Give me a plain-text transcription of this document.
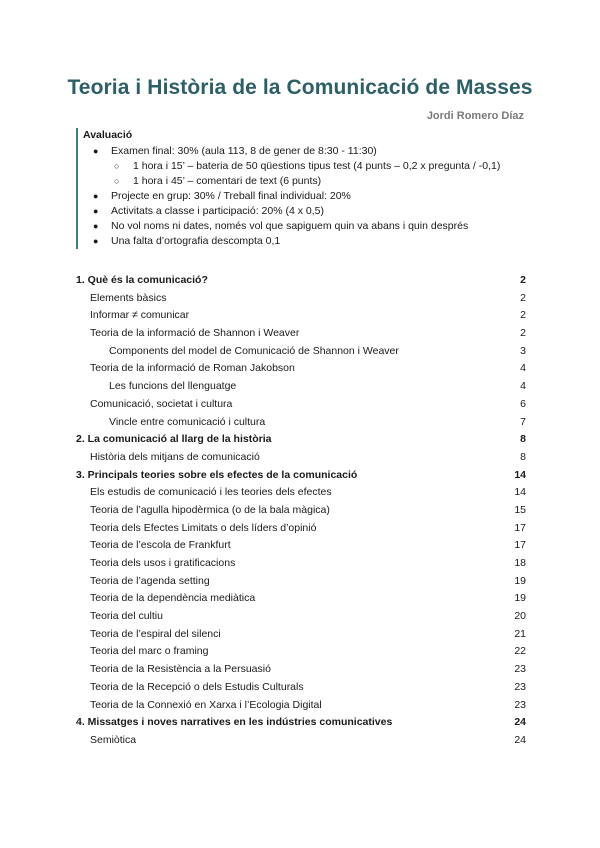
Teoria i Història de la Comunicació de Masses
Jordi Romero Díaz
Avaluació
● Examen final: 30% (aula 113, 8 de gener de 8:30 - 11:30)
○ 1 hora i 15’ – bateria de 50 qüestions tipus test (4 punts – 0,2 x pregunta / -0,1)
○ 1 hora i 45’ – comentari de text (6 punts)
● Projecte en grup: 30% / Treball final individual: 20%
● Activitats a classe i participació: 20% (4 x 0,5)
● No vol noms ni dates, només vol que sapiguem quin va abans i quin després
● Una falta d’ortografia descompta 0,1
1. Què és la comunicació?	2
Elements bàsics	2
Informar ≠ comunicar	2
Teoria de la informació de Shannon i Weaver	2
Components del model de Comunicació de Shannon i Weaver	3
Teoria de la informació de Roman Jakobson	4
Les funcions del llenguatge	4
Comunicació, societat i cultura	6
Vincle entre comunicació i cultura	7
2. La comunicació al llarg de la història	8
Història dels mitjans de comunicació	8
3. Principals teories sobre els efectes de la comunicació	14
Els estudis de comunicació i les teories dels efectes	14
Teoria de l’agulla hipodèrmica (o de la bala màgica)	15
Teoria dels Efectes Limitats o dels líders d’opinió	17
Teoria de l’escola de Frankfurt	17
Teoria dels usos i gratificacions	18
Teoria de l’agenda setting	19
Teoria de la dependència mediàtica	19
Teoria del cultiu	20
Teoria de l’espiral del silenci	21
Teoria del marc o framing	22
Teoria de la Resistència a la Persuasió	23
Teoria de la Recepció o dels Estudis Culturals	23
Teoria de la Connexió en Xarxa i l’Ecologia Digital	23
4. Missatges i noves narratives en les indústries comunicatives	24
Semiòtica	24
